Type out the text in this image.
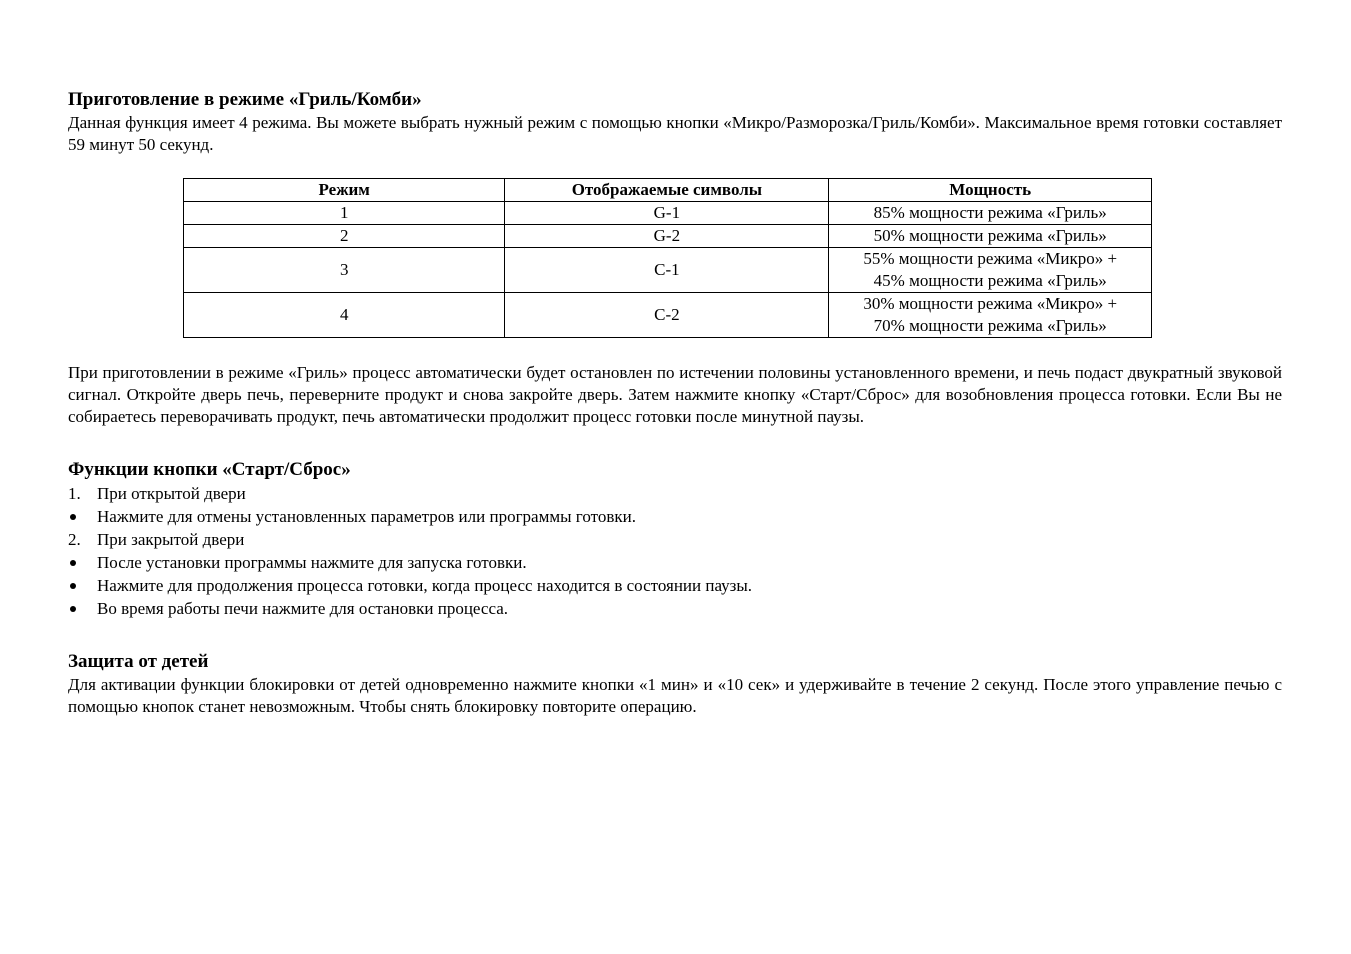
Приготовление в режиме «Гриль/Комби»

Данная функция имеет 4 режима. Вы можете выбрать нужный режим с помощью кнопки «Микро/Разморозка/Гриль/Комби». Максимальное время готовки составляет 59 минут 50 секунд.

Режим	Отображаемые символы	Мощность
1	G-1	85% мощности режима «Гриль»
2	G-2	50% мощности режима «Гриль»
3	C-1	55% мощности режима «Микро» +
45% мощности режима «Гриль»

4	C-2	30% мощности режима «Микро» +
70% мощности режима «Гриль»

При приготовлении в режиме «Гриль» процесс автоматически будет остановлен по истечении половины установленного времени, и печь подаст двукратный звуковой сигнал. Откройте дверь печь, переверните продукт и снова закройте дверь. Затем нажмите кнопку «Старт/Сброс» для возобновления процесса готовки. Если Вы не собираетесь переворачивать продукт, печь автоматически продолжит процесс готовки после минутной паузы.

Функции кнопки «Старт/Сброс»
1. При открытой двери
Нажмите для отмены установленных параметров или программы готовки.
2. При закрытой двери
После установки программы нажмите для запуска готовки.
Нажмите для продолжения процесса готовки, когда процесс находится в состоянии паузы.
Во время работы печи нажмите для остановки процесса.
Защита от детей

Для активации функции блокировки от детей одновременно нажмите кнопки «1 мин» и «10 сек» и удерживайте в течение 2 секунд. После этого управление печью с помощью кнопок станет невозможным. Чтобы снять блокировку повторите операцию.
